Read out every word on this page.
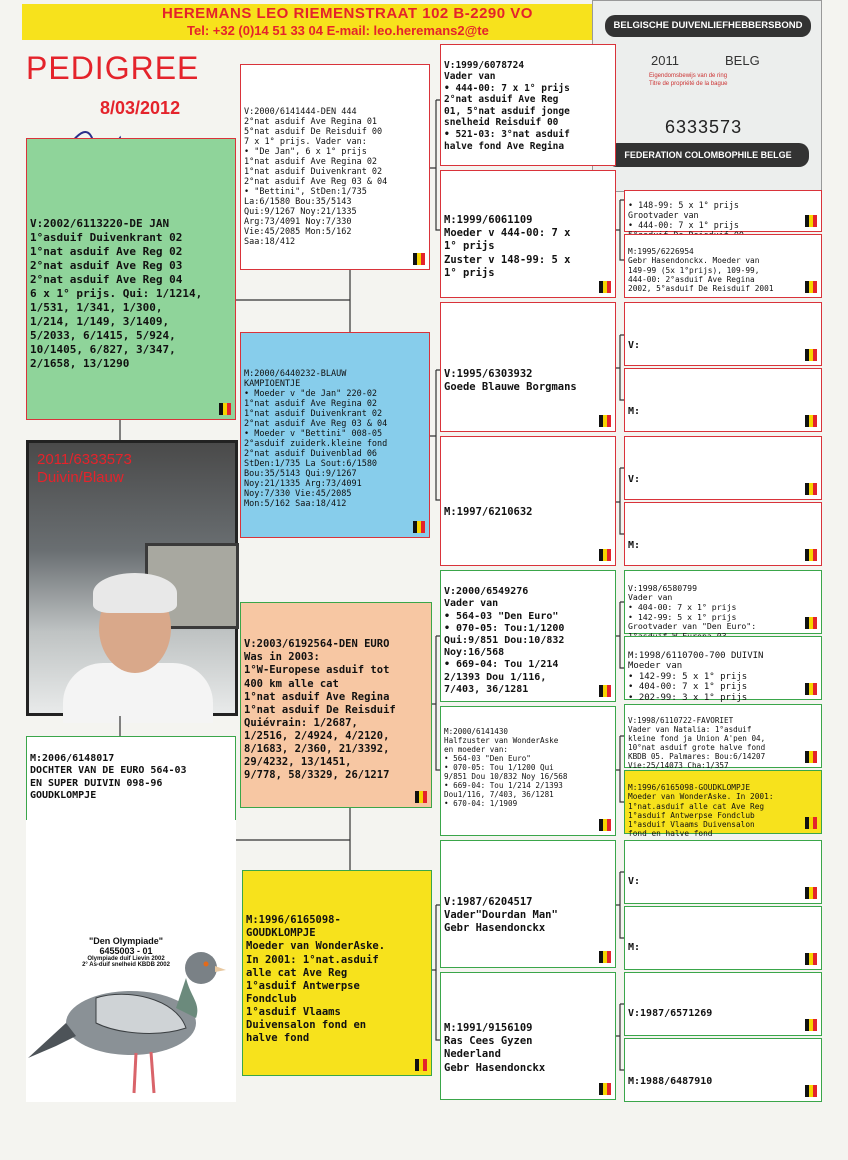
HEREMANS LEO RIEMENSTRAAT 102 B-2290 VO
Tel: +32 (0)14 51 33 04 E-mail: leo.heremans2@te
PEDIGREE
8/03/2012
BELGISCHE DUIVENLIEFHEBBERSBOND
2011	BELG
Eigendomsbewijs van de ring
Titre de propriété de la bague
6333573
FEDERATION COLOMBOPHILE BELGE

V:2002/6113220-DE JAN
1°asduif Duivenkrant 02
1°nat asduif Ave Reg 02
2°nat asduif Ave Reg 03
2°nat asduif Ave Reg 04
6 x 1° prijs. Qui: 1/1214,
1/531, 1/341, 1/300,
1/214, 1/149, 3/1409,
5/2033, 6/1415, 5/924,
10/1405, 6/827, 3/347,
2/1658, 13/1290

2011/6333573
Duivin/Blauw

M:2006/6148017
DOCHTER VAN DE EURO 564-03
EN SUPER DUIVIN 098-96
GOUDKLOMPJE

"Den Olympiade"
6455003 - 01
Olympiade duif Lievin 2002
2° As-duif snelheid KBDB 2002

V:2000/6141444-DEN 444
2°nat asduif Ave Regina 01
5°nat asduif De Reisduif 00
7 x 1° prijs. Vader van:
• "De Jan", 6 x 1° prijs
1°nat asduif Ave Regina 02
1°nat asduif Duivenkrant 02
2°nat asduif Ave Reg 03 & 04
• "Bettini", StDen:1/735
La:6/1580 Bou:35/5143
Qui:9/1267 Noy:21/1335
Arg:73/4091 Noy:7/330
Vie:45/2085 Mon:5/162
Saa:18/412

M:2000/6440232-BLAUW
KAMPIOENTJE
• Moeder v "de Jan" 220-02
1°nat asduif Ave Regina 02
1°nat asduif Duivenkrant 02
2°nat asduif Ave Reg 03 & 04
• Moeder v "Bettini" 008-05
2°asduif zuiderk.kleine fond
2°nat asduif Duivenblad 06
StDen:1/735 La Sout:6/1580
Bou:35/5143 Qui:9/1267
Noy:21/1335 Arg:73/4091
Noy:7/330 Vie:45/2085
Mon:5/162 Saa:18/412

V:2003/6192564-DEN EURO
Was in 2003:
1°W-Europese asduif tot
400 km alle cat
1°nat asduif Ave Regina
1°nat asduif De Reisduif
Quiévrain: 1/2687,
1/2516, 2/4924, 4/2120,
8/1683, 2/360, 21/3392,
29/4232, 13/1451,
9/778, 58/3329, 26/1217

M:1996/6165098-
GOUDKLOMPJE
Moeder van WonderAske.
In 2001: 1°nat.asduif
alle cat Ave Reg
1°asduif Antwerpse
Fondclub
1°asduif Vlaams
Duivensalon fond en
halve fond

V:1999/6078724
Vader van
• 444-00: 7 x 1° prijs
2°nat asduif Ave Reg
01, 5°nat asduif jonge
snelheid Reisduif 00
• 521-03: 3°nat asduif
halve fond Ave Regina

M:1999/6061109
Moeder v 444-00: 7 x
1° prijs
Zuster v 148-99: 5 x
1° prijs

V:1995/6303932
Goede Blauwe Borgmans

M:1997/6210632

V:2000/6549276
Vader van
• 564-03 "Den Euro"
• 070-05: Tou:1/1200
Qui:9/851 Dou:10/832
Noy:16/568
• 669-04: Tou 1/214
2/1393 Dou 1/116,
7/403, 36/1281

M:2000/6141430
Halfzuster van WonderAske
en moeder van:
• 564-03 "Den Euro"
• 070-05: Tou 1/1200 Qui
9/851 Dou 10/832 Noy 16/568
• 669-04: Tou 1/214 2/1393
Dou1/116, 7/403, 36/1281
• 670-04: 1/1909

V:1987/6204517
Vader"Dourdan Man"
Gebr Hasendonckx

M:1991/9156109
Ras Cees Gyzen
Nederland
Gebr Hasendonckx

• 148-99: 5 x 1° prijs
Grootvader van
• 444-00: 7 x 1° prijs

M:1995/6226954
Gebr Hasendonckx. Moeder van
149-99 (5x 1°prijs), 109-99,
444-00: 2°asduif Ave Regina
2002, 5°asduif De Reisduif 2001

V:

M:

V:

M:

V:1998/6580799
Vader van
• 404-00: 7 x 1° prijs
• 142-99: 5 x 1° prijs
Grootvader van "Den Euro":

M:1998/6110700-700 DUIVIN
Moeder van
• 142-99: 5 x 1° prijs
• 404-00: 7 x 1° prijs
• 202-99: 3 x 1° prijs

V:1998/6110722-FAVORIET
Vader van Natalia: 1°asduif
kleine fond ja Union A'pen 04,
10°nat asduif grote halve fond
KBDB 05. Palmares: Bou:6/14207
Vie:25/14073 Cha:1/357

M:1996/6165098-GOUDKLOMPJE
Moeder van WonderAske. In 2001:
1°nat.asduif alle cat Ave Reg
1°asduif Antwerpse Fondclub
1°asduif Vlaams Duivensalon
fond en halve fond

V:

M:

V:1987/6571269

M:1988/6487910
